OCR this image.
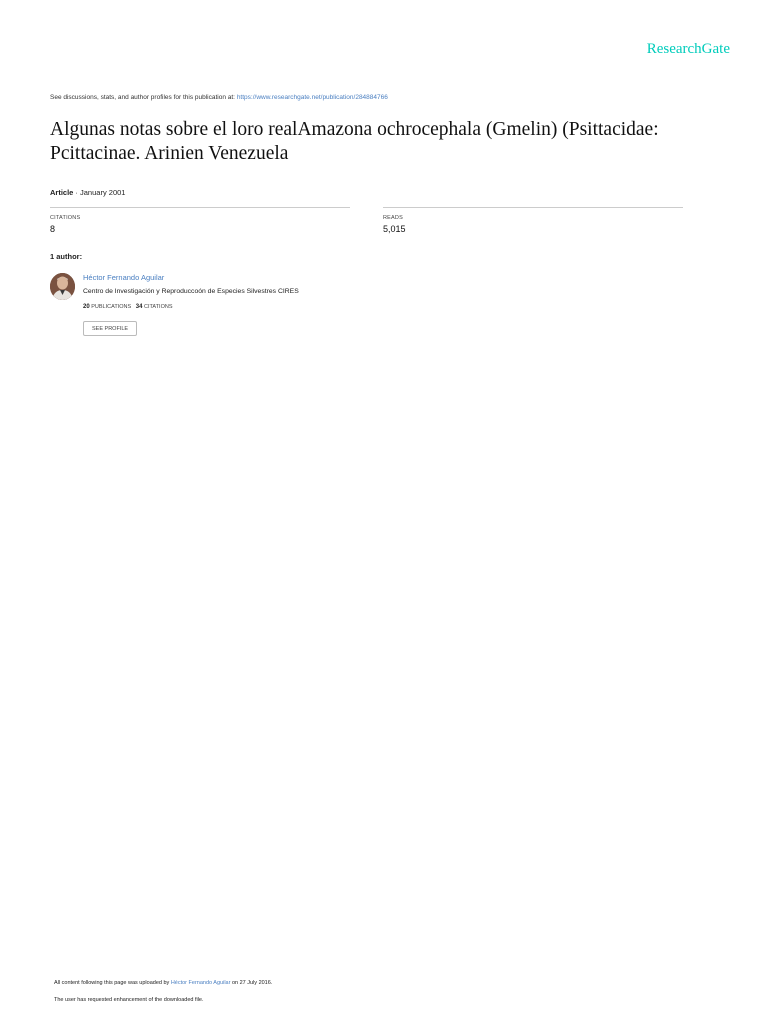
ResearchGate
See discussions, stats, and author profiles for this publication at: https://www.researchgate.net/publication/284884766
Algunas notas sobre el loro realAmazona ochrocephala (Gmelin) (Psittacidae: Pcittacinae. Arinien Venezuela
Article · January 2001
CITATIONS
8
READS
5,015
1 author:
Héctor Fernando Aguilar
Centro de Investigación y Reproduccoón de Especies Silvestres CIRES
20 PUBLICATIONS 34 CITATIONS
SEE PROFILE
All content following this page was uploaded by Héctor Fernando Aguilar on 27 July 2016.
The user has requested enhancement of the downloaded file.
